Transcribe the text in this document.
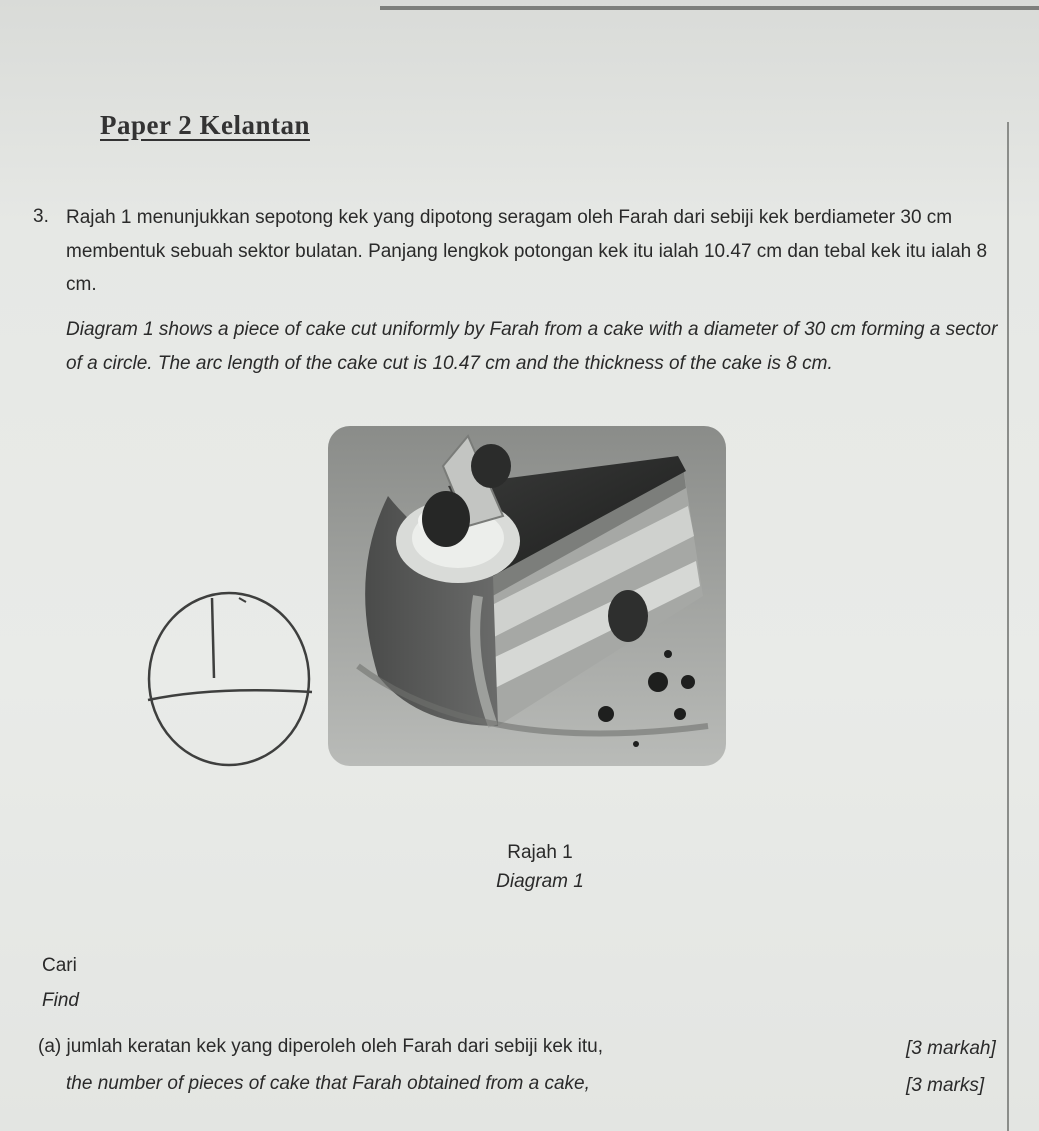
Paper 2 Kelantan
3. Rajah 1 menunjukkan sepotong kek yang dipotong seragam oleh Farah dari sebiji kek berdiameter 30 cm membentuk sebuah sektor bulatan. Panjang lengkok potongan kek itu ialah 10.47 cm dan tebal kek itu ialah 8 cm.

Diagram 1 shows a piece of cake cut uniformly by Farah from a cake with a diameter of 30 cm forming a sector of a circle. The arc length of the cake cut is 10.47 cm and the thickness of the cake is 8 cm.

Rajah 1
Diagram 1
Cari
Find
(a) jumlah keratan kek yang diperoleh oleh Farah dari sebiji kek itu,	[3 markah]
the number of pieces of cake that Farah obtained from a cake,	[3 marks]
